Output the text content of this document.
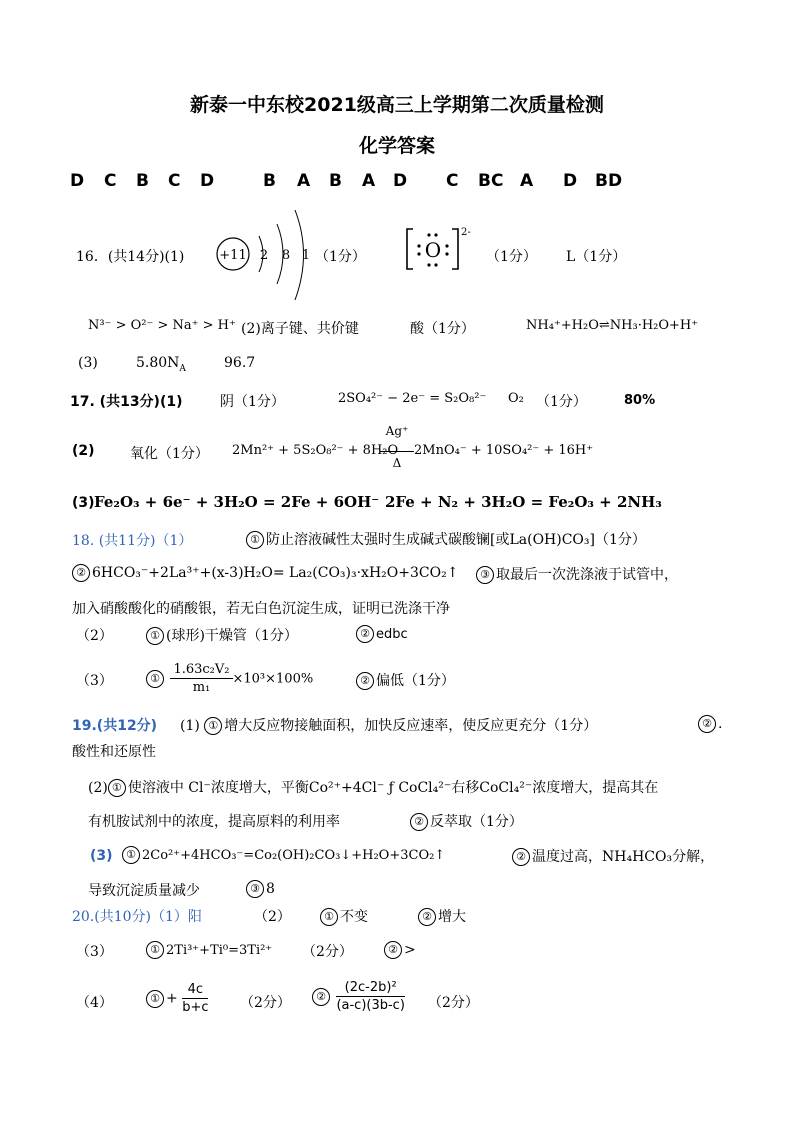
新泰一中东校2021级高三上学期第二次质量检测
化学答案
D C B C D	B A B A D C BC A D BD
16．(共14分)(1)	+11 2 8 1 （1分）	O
2-
（1分） L（1分）
N³⁻ > O²⁻ > Na⁺ > H⁺ (2)离子键、共价键	酸（1分）	NH₄⁺+H₂O⇌NH₃·H₂O+H⁺
(3)	$5.80N_A$	96.7
17. (共13分)(1)	阴（1分）	2SO₄²⁻ − 2e⁻ = S₂O₈²⁻ O₂ （1分）	80%
(2)	氧化（1分） 2Mn²⁺ + 5S₂O₈²⁻ + 8H₂O
Ag⁺
Δ
2MnO₄⁻ + 10SO₄²⁻ + 16H⁺
(3) Fe₂O₃ + 6e⁻ + 3H₂O = 2Fe + 6OH⁻ 2Fe + N₂ + 3H₂O = Fe₂O₃ + 2NH₃
18. (共11分)（1）	① 防止溶液碱性太强时生成碱式碳酸镧[或La(OH)CO₃]（1分）
② 6HCO₃⁻+2La³⁺+(x-3)H₂O= La₂(CO₃)₃·xH₂O+3CO₂↑	③ 取最后一次洗涤液于试管中，
加入硝酸酸化的硝酸银，若无白色沉淀生成，证明已洗涤干净
（2）	① (球形)干燥管（1分）	② edbc
（3）	① $\frac{\text{1.63c₂V₂}}{\text{m₁}} \times 10^3\times 100\%$	② 偏低（1分）
19.(共12分) (1) ① 增大反应物接触面积，加快反应速率，使反应更充分（1分）	② .
酸性和还原性
(2) ① 使溶液中 Cl⁻浓度增大，平衡Co²⁺+4Cl⁻ ƒ CoCl₄²⁻右移CoCl₄²⁻浓度增大，提高其在
有机胺试剂中的浓度，提高原料的利用率	② 反萃取（1分）
(3)	① 2Co²⁺+4HCO₃⁻=Co₂(OH)₂CO₃↓+H₂O+3CO₂↑	② 温度过高，NH₄HCO₃分解，
导致沉淀质量减少	③ 8
20.(共10分)（1）阳	（2）	① 不变	② 增大
（3）	① 2Ti³⁺+Ti⁰=3Ti²⁺ （2分）	② >
（4）	① + $\frac{4c}{b+c} (2$分）	② $\frac{\text{(2c-2b)²}}{(a-c)(3b-c)} (2$分）
